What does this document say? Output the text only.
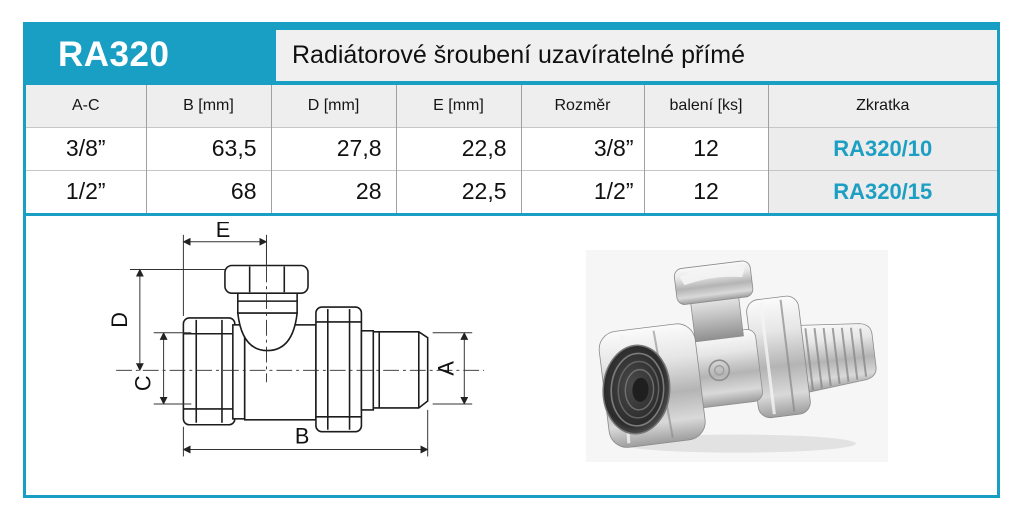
RA320	Radiátorové šroubení uzavíratelné přímé
A-C	B [mm]	D [mm]	E [mm]	Rozměr	balení [ks]	Zkratka
3/8”	63,5	27,8	22,8	3/8”	12	RA320/10
1/2”	68	28	22,5	1/2”	12	RA320/15
E
D
C
A
B
